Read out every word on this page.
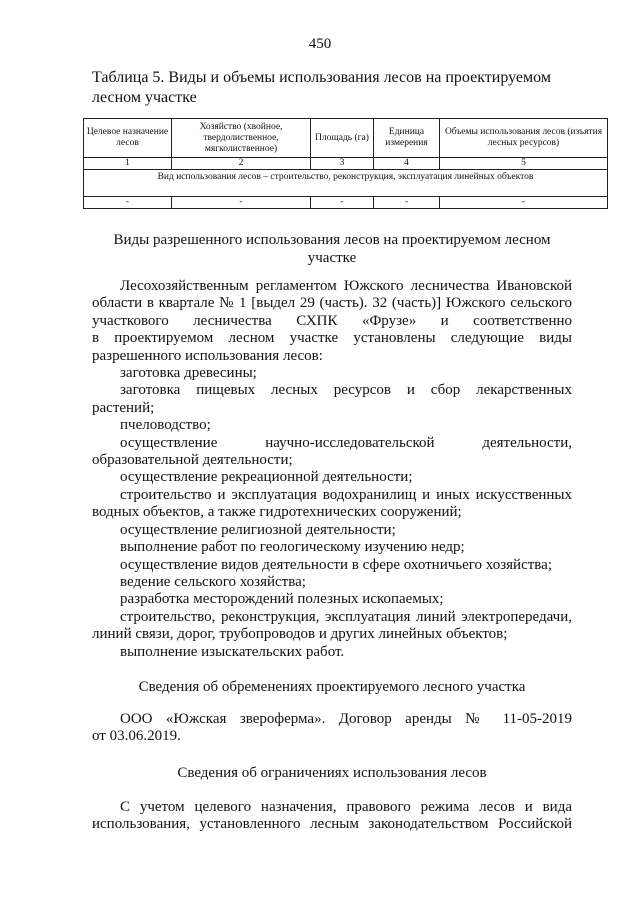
450
Таблица 5. Виды и объемы использования лесов на проектируемом лесном участке
Целевое назначение лесов	Хозяйство (хвойное, твердолиственное, мягколиственное)	Площадь (га)	Единица измерения	Объемы использования лесов (изъятия лесных ресурсов)
1	2	3	4	5
Вид использования лесов – строительство, реконструкция, эксплуатация линейных объектов				
-	-	-	-	-
Виды разрешенного использования лесов на проектируемом лесном участке
Лесохозяйственным регламентом Южского лесничества Ивановской
области в квартале № 1 [выдел 29 (часть). 32 (часть)] Южского сельского
участкового лесничества СХПК «Фрузе» и соответственно
в проектируемом лесном участке установлены следующие виды
разрешенного использования лесов:
заготовка древесины;
заготовка пищевых лесных ресурсов и сбор лекарственных
растений;
пчеловодство;
осуществление научно-исследовательской деятельности,
образовательной деятельности;
осуществление рекреационной деятельности;
строительство и эксплуатация водохранилищ и иных искусственных
водных объектов, а также гидротехнических сооружений;
осуществление религиозной деятельности;
выполнение работ по геологическому изучению недр;
осуществление видов деятельности в сфере охотничьего хозяйства;
ведение сельского хозяйства;
разработка месторождений полезных ископаемых;
строительство, реконструкция, эксплуатация линий электропередачи,
линий связи, дорог, трубопроводов и других линейных объектов;
выполнение изыскательских работ.
Сведения об обременениях проектируемого лесного участка
ООО «Южская звероферма». Договор аренды № 11-05-2019
от 03.06.2019.
Сведения об ограничениях использования лесов
С учетом целевого назначения, правового режима лесов и вида
использования, установленного лесным законодательством Российской
